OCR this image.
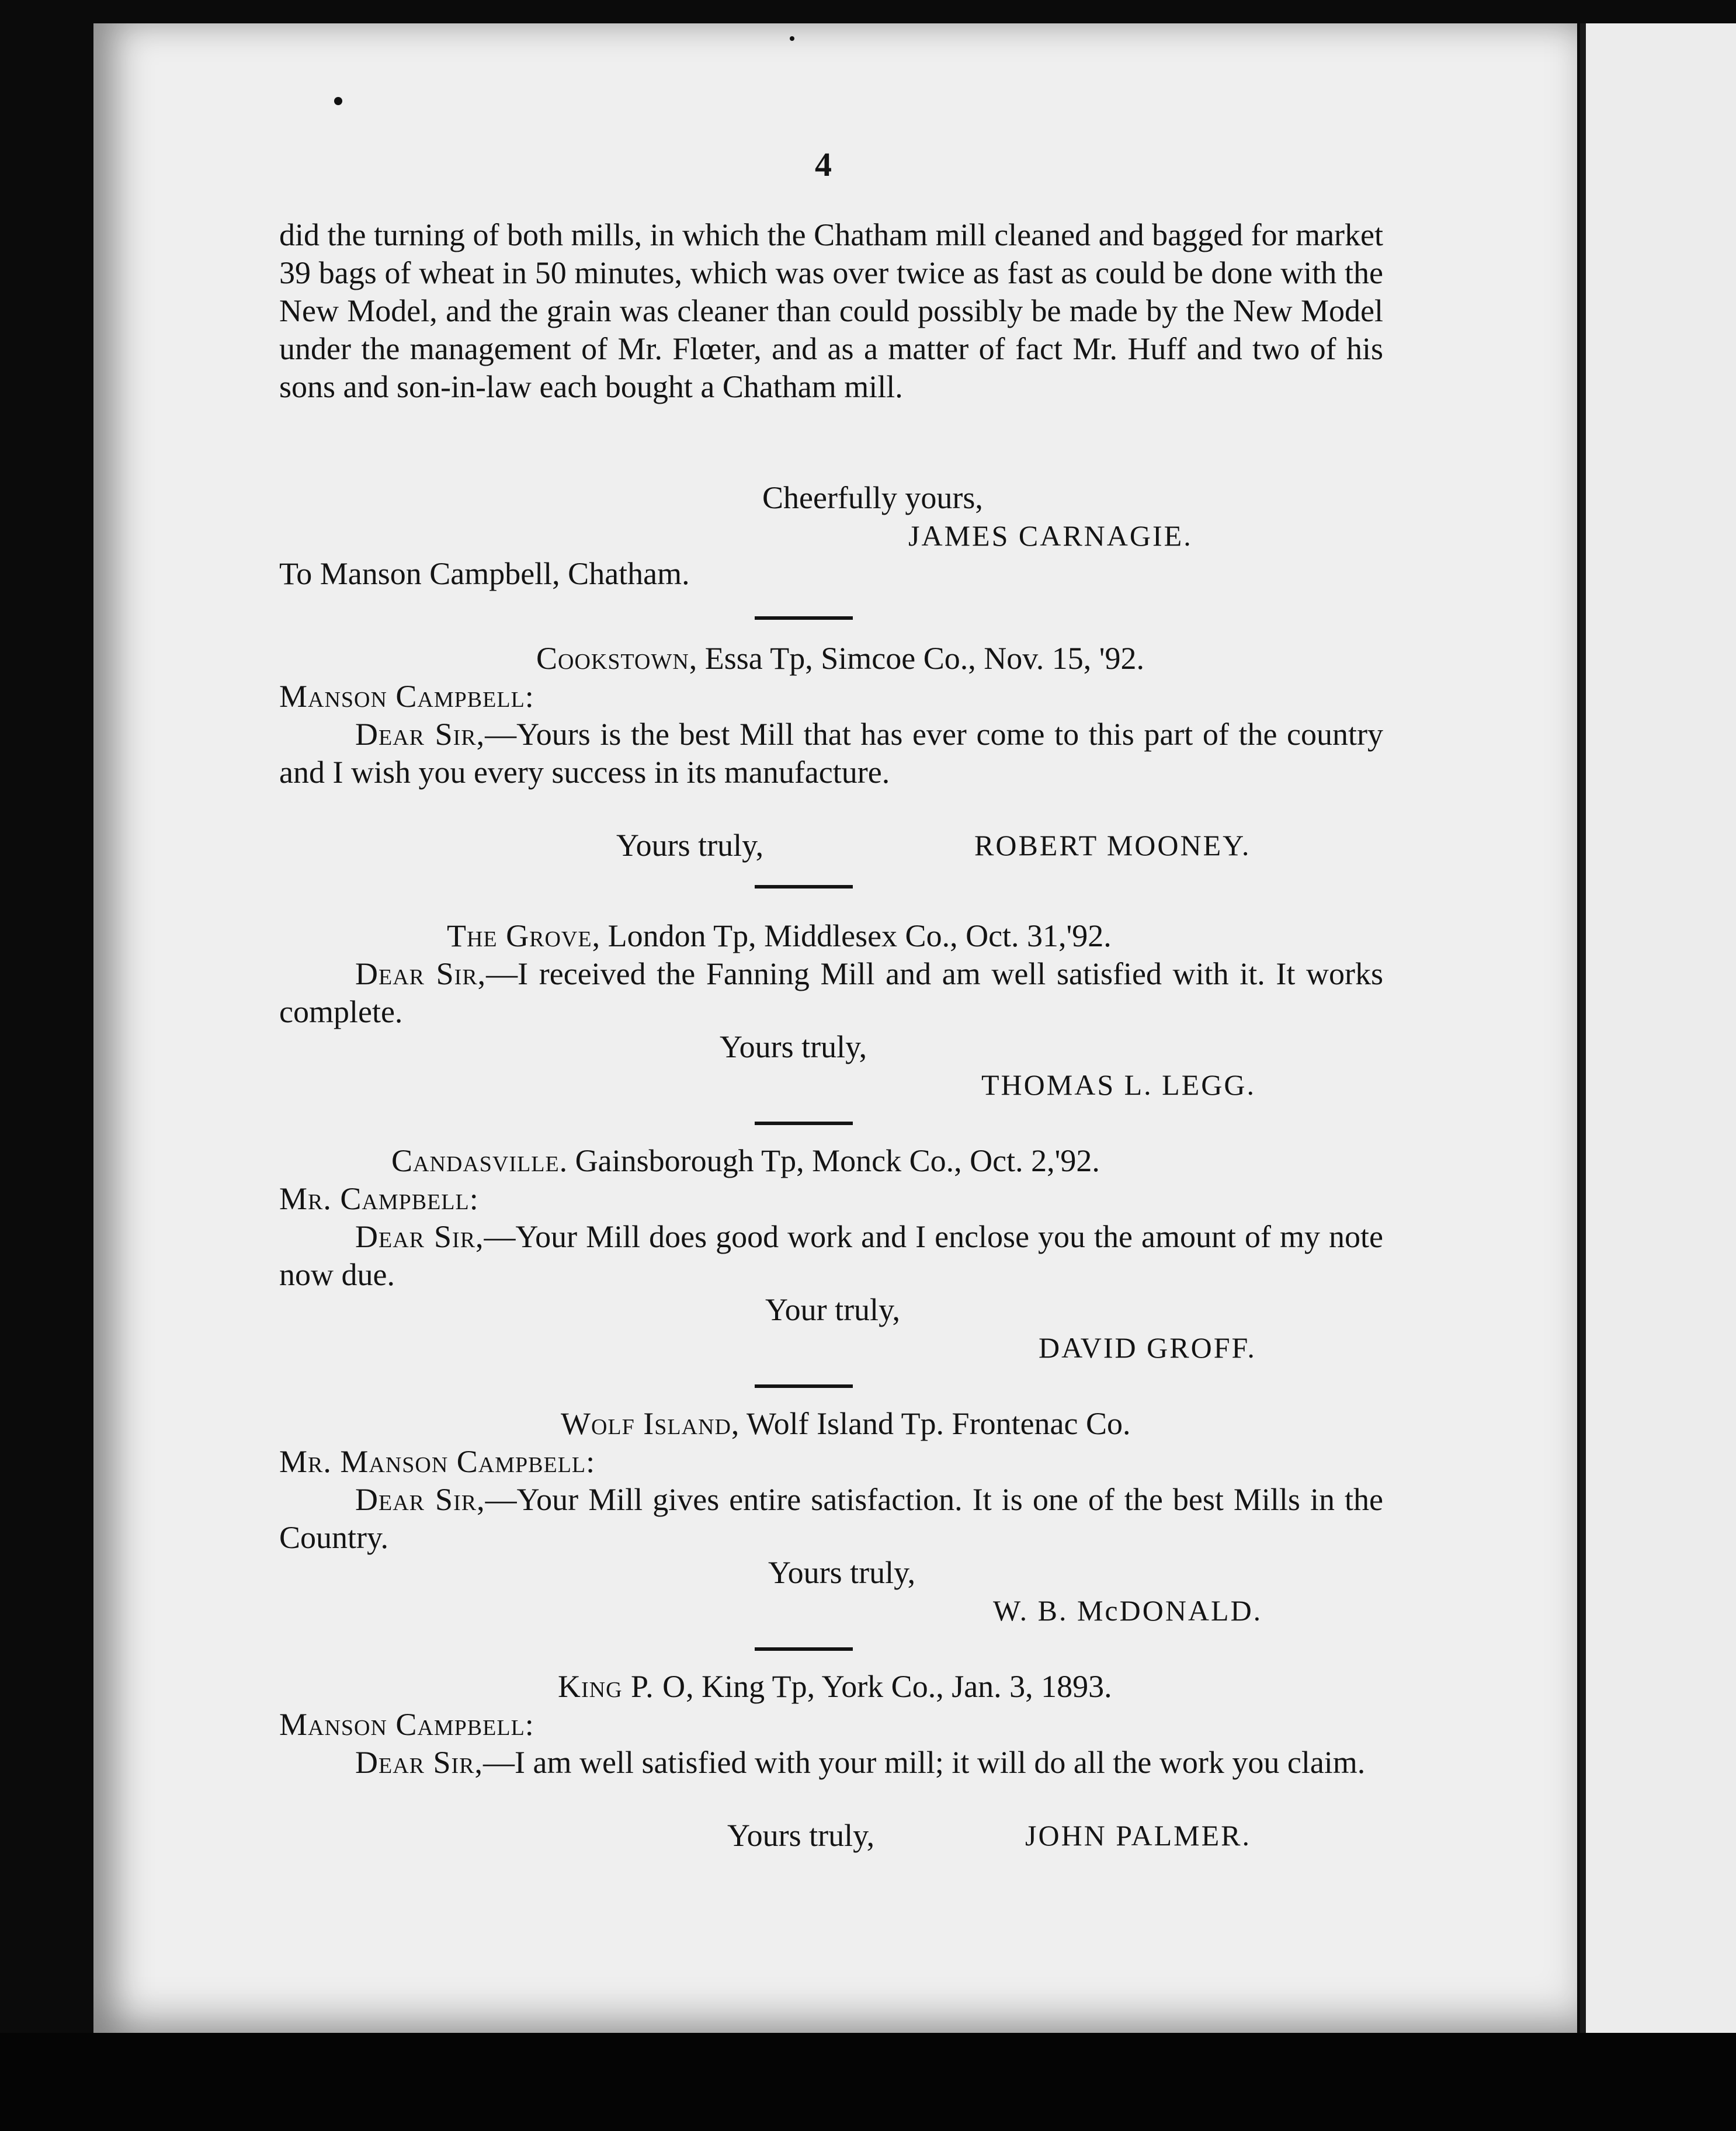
4

did the turning of both mills, in which the Chatham mill cleaned and bagged for market 39 bags of wheat in 50 minutes, which was over twice as fast as could be done with the New Model, and the grain was cleaner than could possibly be made by the New Model under the management of Mr. Flœter, and as a matter of fact Mr. Huff and two of his sons and son-in-law each bought a Chatham mill.

Cheerfully yours,
JAMES CARNAGIE.
To Manson Campbell, Chatham.
Cookstown, Essa Tp, Simcoe Co., Nov. 15, '92.
Manson Campbell:

Dear Sir,—Yours is the best Mill that has ever come to this part of the country and I wish you every success in its manufacture.

Yours truly,	ROBERT MOONEY.
The Grove, London Tp, Middlesex Co., Oct. 31,'92.

Dear Sir,—I received the Fanning Mill and am well satisfied with it. It works complete.

Yours truly,
THOMAS L. LEGG.
Candasville. Gainsborough Tp, Monck Co., Oct. 2,'92.
Mr. Campbell:

Dear Sir,—Your Mill does good work and I enclose you the amount of my note now due.

Your truly,
DAVID GROFF.
Wolf Island, Wolf Island Tp. Frontenac Co.
Mr. Manson Campbell:

Dear Sir,—Your Mill gives entire satisfaction. It is one of the best Mills in the Country.

Yours truly,
W. B. McDONALD.
King P. O, King Tp, York Co., Jan. 3, 1893.
Manson Campbell:

Dear Sir,—I am well satisfied with your mill; it will do all the work you claim.

Yours truly,	JOHN PALMER.
